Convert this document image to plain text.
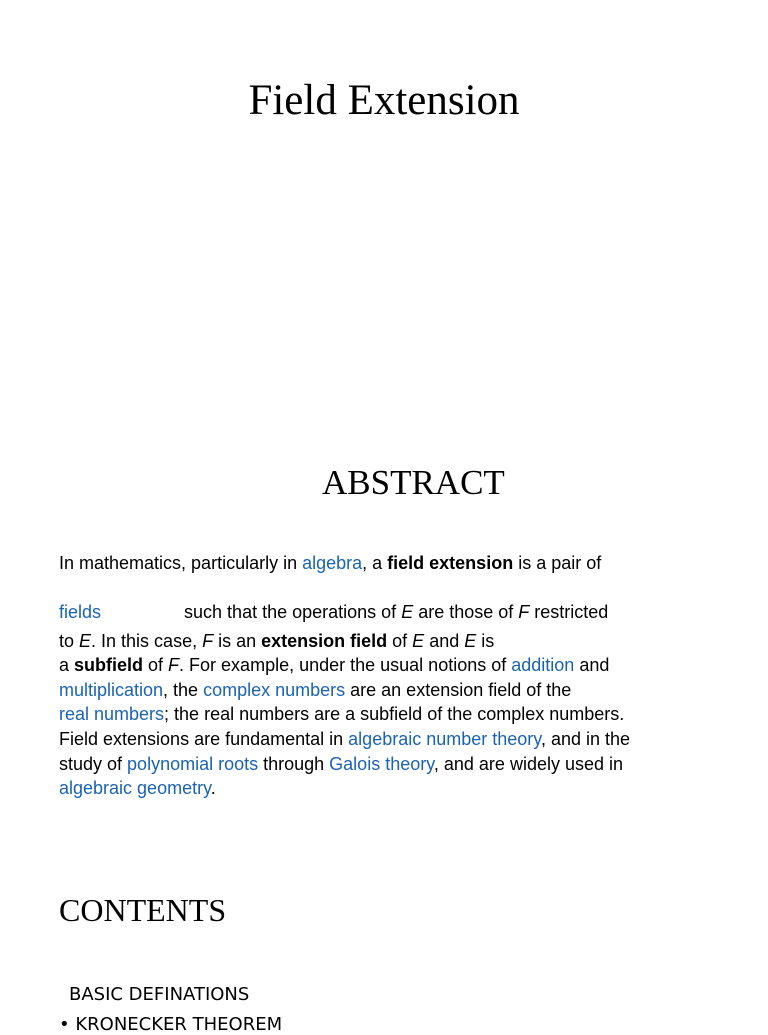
Field Extension
ABSTRACT

In mathematics, particularly in algebra, a field extension is a pair of

fields	such that the operations of E are those of F restricted
to E. In this case, F is an extension field of E and E is
a subfield of F. For example, under the usual notions of addition and
multiplication, the complex numbers are an extension field of the
real numbers; the real numbers are a subfield of the complex numbers.
Field extensions are fundamental in algebraic number theory, and in the
study of polynomial roots through Galois theory, and are widely used in
algebraic geometry.
CONTENTS
BASIC DEFINATIONS
• KRONECKER THEOREM
